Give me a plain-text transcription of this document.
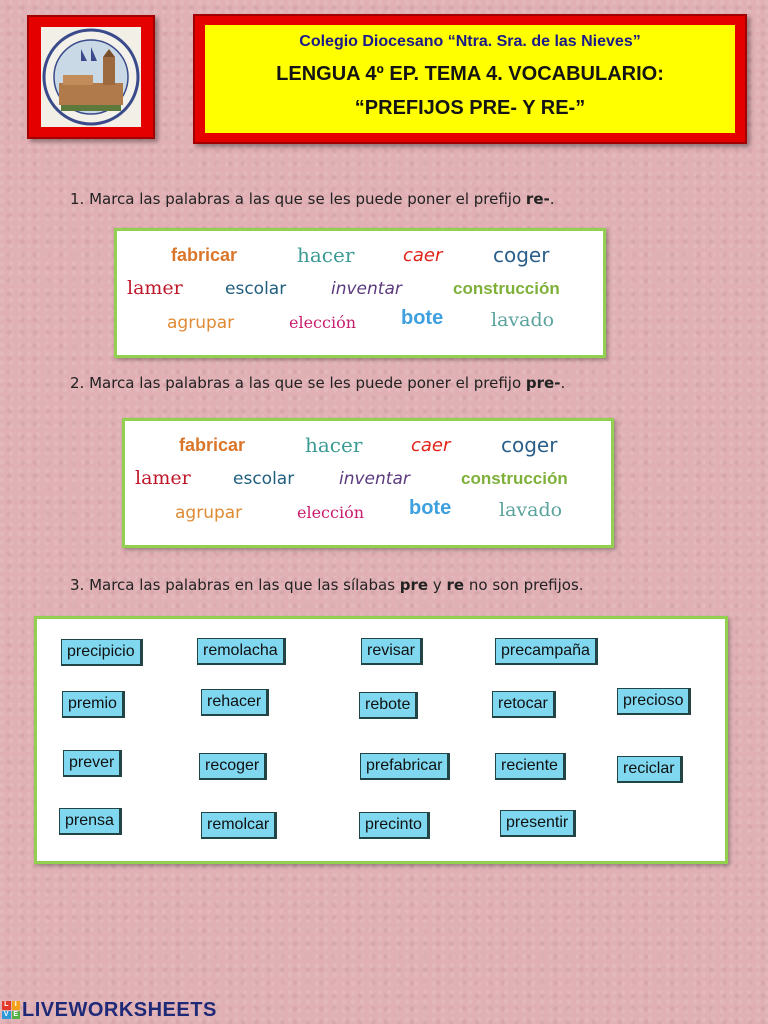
Colegio Diocesano “Ntra. Sra. de las Nieves”
LENGUA 4º EP. TEMA 4. VOCABULARIO:
“PREFIJOS PRE- Y RE-”
1. Marca las palabras a las que se les puede poner el prefijo re-.
fabricar	hacer	caer	coger
lamer escolar	inventar	construcción
agrupar	elección bote	lavado
2. Marca las palabras a las que se les puede poner el prefijo pre-.
fabricar	hacer	caer	coger
lamer escolar	inventar	construcción
agrupar	elección bote	lavado
3. Marca las palabras en las que las sílabas pre y re no son prefijos.
precipicio	remolacha	revisar	precampaña
premio	rehacer	rebote	retocar	precioso
prever	recoger	prefabricar	reciente	reciclar
prensa	remolcar	precinto	presentir
L I
V E LIVEWORKSHEETS
